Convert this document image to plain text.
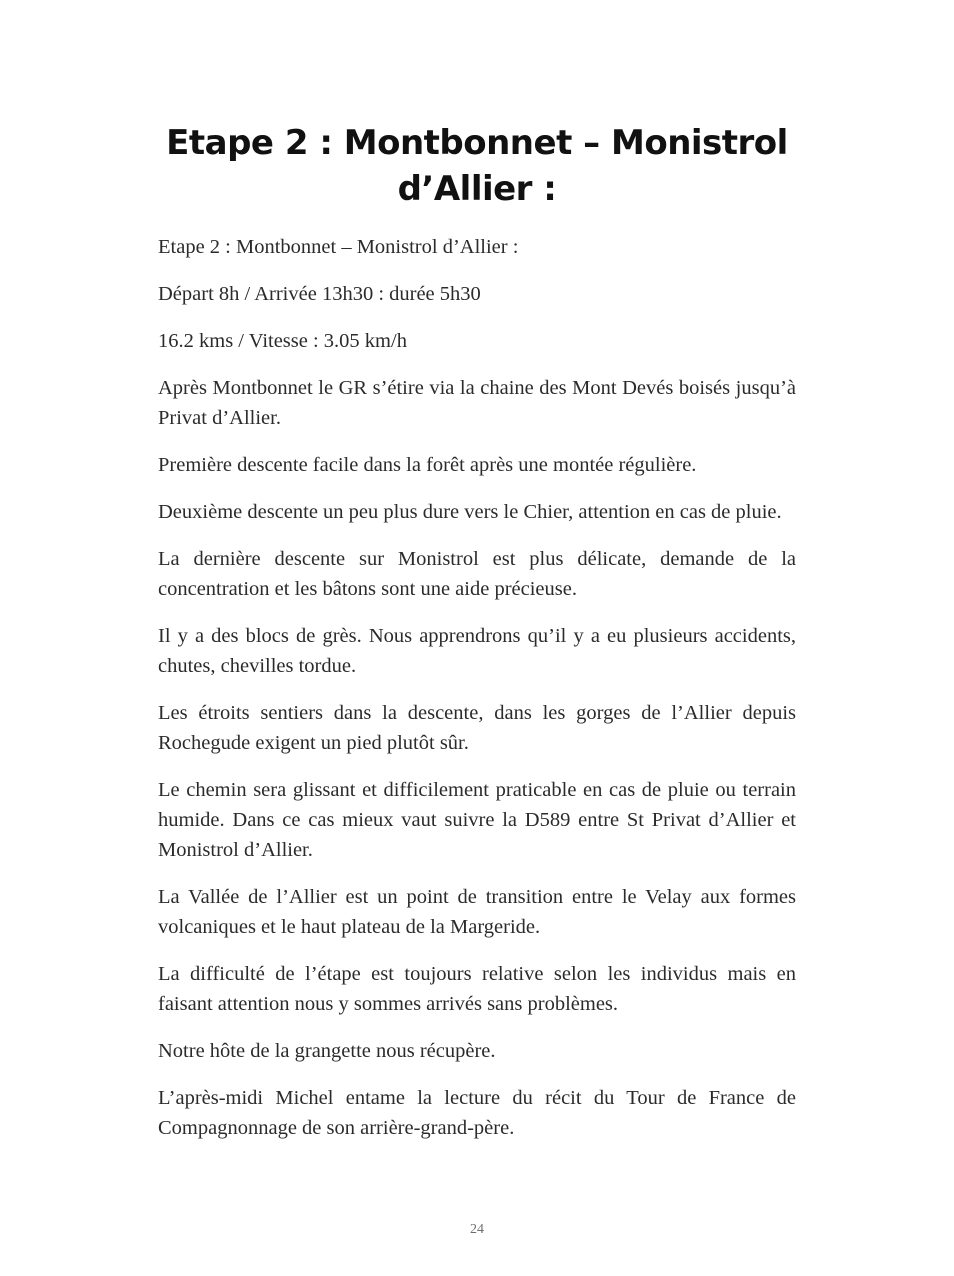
Etape 2 : Montbonnet – Monistrol
d’Allier :

Etape 2 : Montbonnet – Monistrol d’Allier :

Départ 8h / Arrivée 13h30 : durée 5h30

16.2 kms / Vitesse : 3.05 km/h

Après Montbonnet le GR s’étire via la chaine des Mont Devés boisés jusqu’à Privat d’Allier.

Première descente facile dans la forêt après une montée régulière.

Deuxième descente un peu plus dure vers le Chier, attention en cas de pluie.

La dernière descente sur Monistrol est plus délicate, demande de la concentration et les bâtons sont une aide précieuse.

Il y a des blocs de grès. Nous apprendrons qu’il y a eu plusieurs accidents, chutes, chevilles tordue.

Les étroits sentiers dans la descente, dans les gorges de l’Allier depuis Rochegude exigent un pied plutôt sûr.

Le chemin sera glissant et difficilement praticable en cas de pluie ou terrain humide. Dans ce cas mieux vaut suivre la D589 entre St Privat d’Allier et Monistrol d’Allier.

La Vallée de l’Allier est un point de transition entre le Velay aux formes volcaniques et le haut plateau de la Margeride.

La difficulté de l’étape est toujours relative selon les individus mais en faisant attention nous y sommes arrivés sans problèmes.

Notre hôte de la grangette nous récupère.

L’après-midi Michel entame la lecture du récit du Tour de France de Compagnonnage de son arrière-grand-père.

24
